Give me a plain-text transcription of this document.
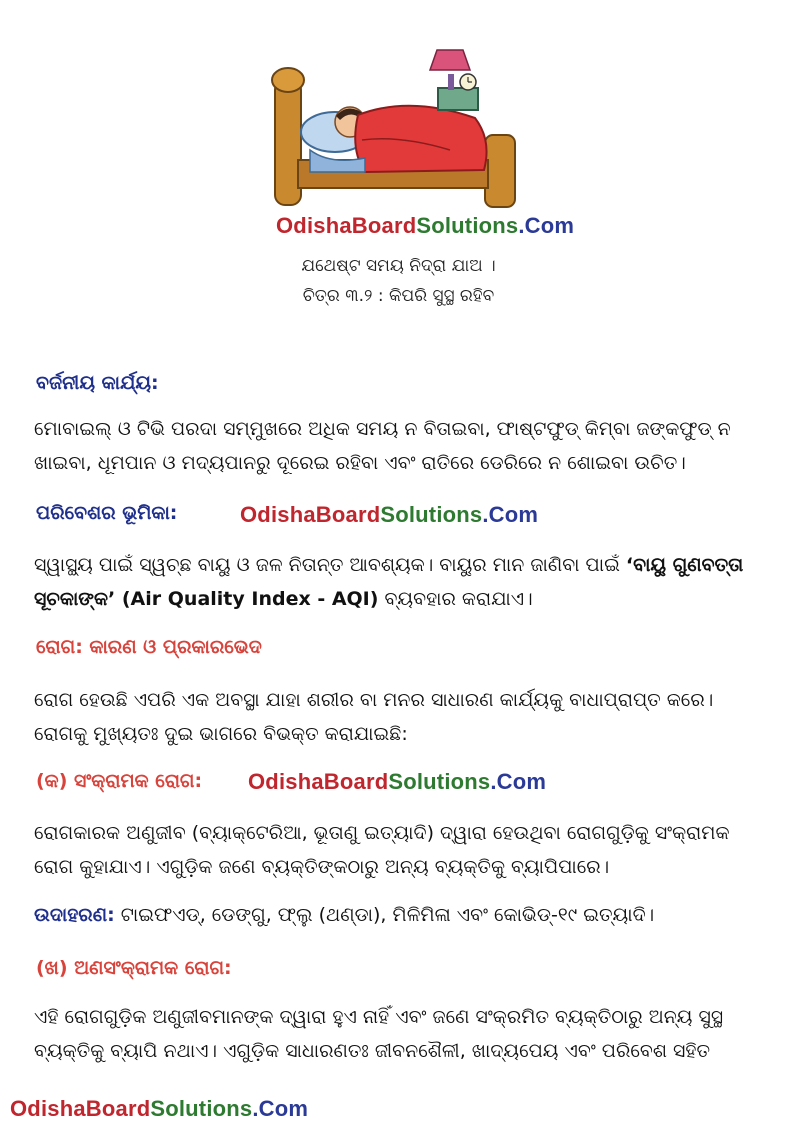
OdishaBoardSolutions.Com
ଯଥେଷ୍ଟ ସମୟ ନିଦ୍ରା ଯାଅ ।
ଚିତ୍ର ୩.୨ : କିପରି ସୁସ୍ଥ ରହିବ
ବର୍ଜନୀୟ କାର୍ଯ୍ୟ:
ମୋବାଇଲ୍ ଓ ଟିଭି ପରଦା ସମ୍ମୁଖରେ ଅଧିକ ସମୟ ନ ବିତାଇବା, ଫାଷ୍ଟଫୁଡ୍ କିମ୍ବା ଜଙ୍କଫୁଡ୍ ନ
ଖାଇବା, ଧୂମପାନ ଓ ମଦ୍ୟପାନରୁ ଦୂରେଇ ରହିବା ଏବଂ ରାତିରେ ଡେରିରେ ନ ଶୋଇବା ଉଚିତ।
ପରିବେଶର ଭୂମିକା:	OdishaBoardSolutions.Com
ସ୍ୱାସ୍ଥ୍ୟ ପାଇଁ ସ୍ୱଚ୍ଛ ବାୟୁ ଓ ଜଳ ନିତାନ୍ତ ଆବଶ୍ୟକ। ବାୟୁର ମାନ ଜାଣିବା ପାଇଁ ‘ବାୟୁ ଗୁଣବତ୍ତା
ସୂଚକାଙ୍କ’ (Air Quality Index - AQI) ବ୍ୟବହାର କରାଯାଏ।
ରୋଗ: କାରଣ ଓ ପ୍ରକାରଭେଦ
ରୋଗ ହେଉଛି ଏପରି ଏକ ଅବସ୍ଥା ଯାହା ଶରୀର ବା ମନର ସାଧାରଣ କାର୍ଯ୍ୟକୁ ବାଧାପ୍ରାପ୍ତ କରେ।
ରୋଗକୁ ମୁଖ୍ୟତଃ ଦୁଇ ଭାଗରେ ବିଭକ୍ତ କରାଯାଇଛି:
(କ) ସଂକ୍ରାମକ ରୋଗ: OdishaBoardSolutions.Com
ରୋଗକାରକ ଅଣୁଜୀବ (ବ୍ୟାକ୍ଟେରିଆ, ଭୂତାଣୁ ଇତ୍ୟାଦି) ଦ୍ୱାରା ହେଉଥିବା ରୋଗଗୁଡ଼ିକୁ ସଂକ୍ରାମକ
ରୋଗ କୁହାଯାଏ। ଏଗୁଡ଼ିକ ଜଣେ ବ୍ୟକ୍ତିଙ୍କଠାରୁ ଅନ୍ୟ ବ୍ୟକ୍ତିକୁ ବ୍ୟାପିପାରେ।
ଉଦାହରଣ: ଟାଇଫଏଡ୍, ଡେଙ୍ଗୁ, ଫ୍ଲୁ (ଥଣ୍ଡା), ମିଳିମିଳା ଏବଂ କୋଭିଡ୍-୧୯ ଇତ୍ୟାଦି।
(ଖ) ଅଣସଂକ୍ରାମକ ରୋଗ:
ଏହି ରୋଗଗୁଡ଼ିକ ଅଣୁଜୀବମାନଙ୍କ ଦ୍ୱାରା ହୁଏ ନାହିଁ ଏବଂ ଜଣେ ସଂକ୍ରମିତ ବ୍ୟକ୍ତିଠାରୁ ଅନ୍ୟ ସୁସ୍ଥ
ବ୍ୟକ୍ତିକୁ ବ୍ୟାପି ନଥାଏ। ଏଗୁଡ଼ିକ ସାଧାରଣତଃ ଜୀବନଶୈଳୀ, ଖାଦ୍ୟପେୟ ଏବଂ ପରିବେଶ ସହିତ
OdishaBoardSolutions.Com
